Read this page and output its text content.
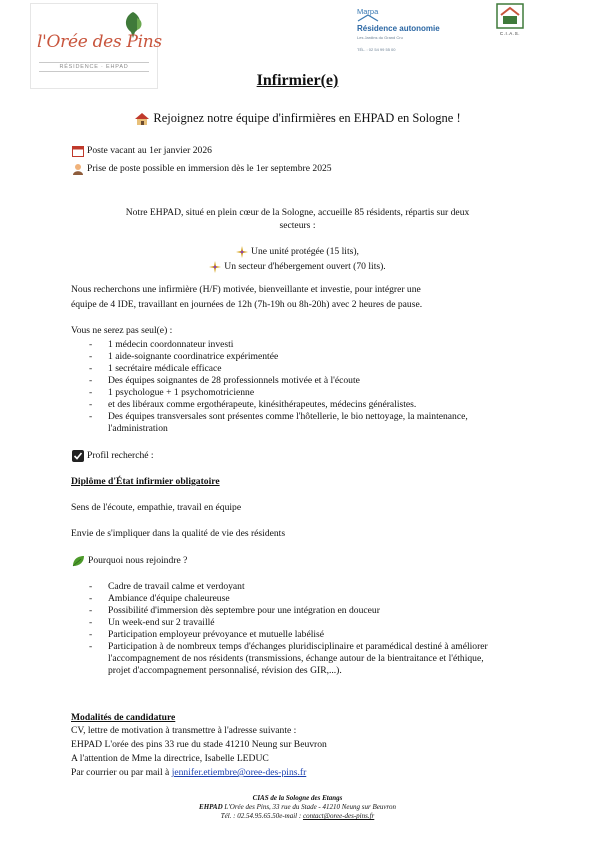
l'Orée des Pins
RÉSIDENCE · EHPAD
Marpa
Résidence autonomie
Les Jardins du Grand Cru
TÉL. : 02 54 99 55 00
C.I.A.S.
Infirmier(e)
Rejoignez notre équipe d'infirmières en EHPAD en Sologne !
Poste vacant au 1er janvier 2026
Prise de poste possible en immersion dès le 1er septembre 2025
Notre EHPAD, situé en plein cœur de la Sologne, accueille 85 résidents, répartis sur deux
secteurs :
Une unité protégée (15 lits),
Un secteur d'hébergement ouvert (70 lits).
Nous recherchons une infirmière (H/F) motivée, bienveillante et investie, pour intégrer une
équipe de 4 IDE, travaillant en journées de 12h (7h-19h ou 8h-20h) avec 2 heures de pause.
Vous ne serez pas seul(e) :
- 1 médecin coordonnateur investi
- 1 aide-soignante coordinatrice expérimentée
- 1 secrétaire médicale efficace
- Des équipes soignantes de 28 professionnels motivée et à l'écoute
- 1 psychologue + 1 psychomotricienne
- et des libéraux comme ergothérapeute, kinésithérapeutes, médecins généralistes.
- Des équipes transversales sont présentes comme l'hôtellerie, le bio nettoyage, la maintenance, l'administration
Profil recherché :
Diplôme d'État infirmier obligatoire
Sens de l'écoute, empathie, travail en équipe
Envie de s'impliquer dans la qualité de vie des résidents
Pourquoi nous rejoindre ?
- Cadre de travail calme et verdoyant
- Ambiance d'équipe chaleureuse
- Possibilité d'immersion dès septembre pour une intégration en douceur
- Un week-end sur 2 travaillé
- Participation employeur prévoyance et mutuelle labélisé
- Participation à de nombreux temps d'échanges pluridisciplinaire et paramédical destiné à améliorer l'accompagnement de nos résidents (transmissions, échange autour de la bientraitance et l'éthique, projet d'accompagnement personnalisé, révision des GIR,...).
Modalités de candidature
CV, lettre de motivation à transmettre à l'adresse suivante :
EHPAD L'orée des pins 33 rue du stade 41210 Neung sur Beuvron
A l'attention de Mme la directrice, Isabelle LEDUC
Par courrier ou par mail à jennifer.etiembre@oree-des-pins.fr
CIAS de la Sologne des Etangs
EHPAD L'Orée des Pins, 33 rue du Stade - 41210 Neung sur Beuvron
Tél. : 02.54.95.65.50e-mail : contact@oree-des-pins.fr
